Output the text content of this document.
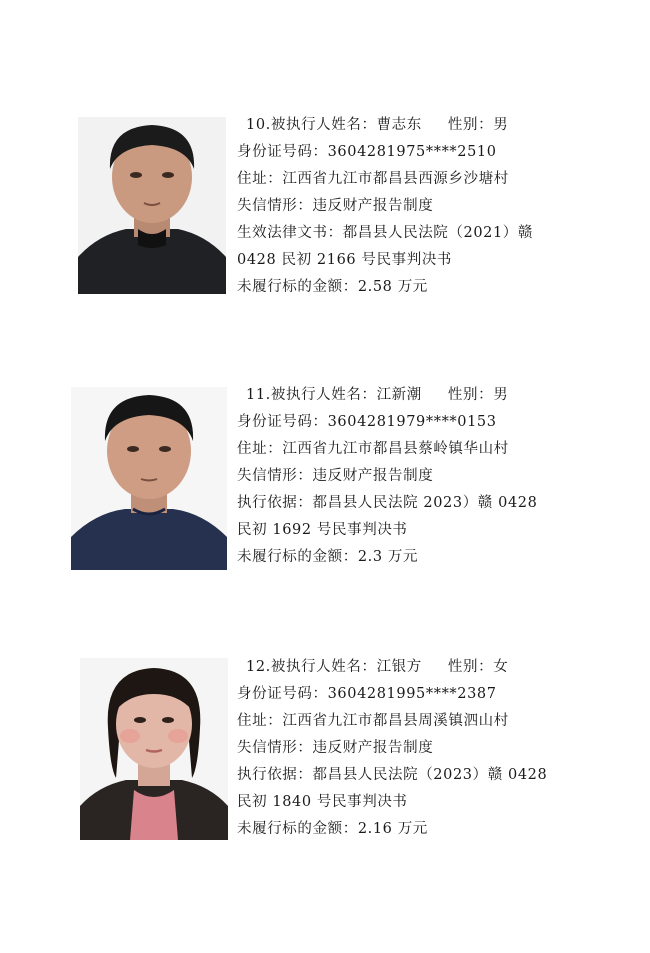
10.被执行人姓名：曹志东 性别：男
身份证号码：3604281975****2510
住址：江西省九江市都昌县西源乡沙塘村
失信情形：违反财产报告制度
生效法律文书：都昌县人民法院（2021）赣
0428 民初 2166 号民事判决书
未履行标的金额：2.58 万元
11.被执行人姓名：江新潮 性别：男
身份证号码：3604281979****0153
住址：江西省九江市都昌县蔡岭镇华山村
失信情形：违反财产报告制度
执行依据：都昌县人民法院 2023）赣 0428
民初 1692 号民事判决书
未履行标的金额：2.3 万元
12.被执行人姓名：江银方 性别：女
身份证号码：3604281995****2387
住址：江西省九江市都昌县周溪镇泗山村
失信情形：违反财产报告制度
执行依据：都昌县人民法院（2023）赣 0428
民初 1840 号民事判决书
未履行标的金额：2.16 万元
